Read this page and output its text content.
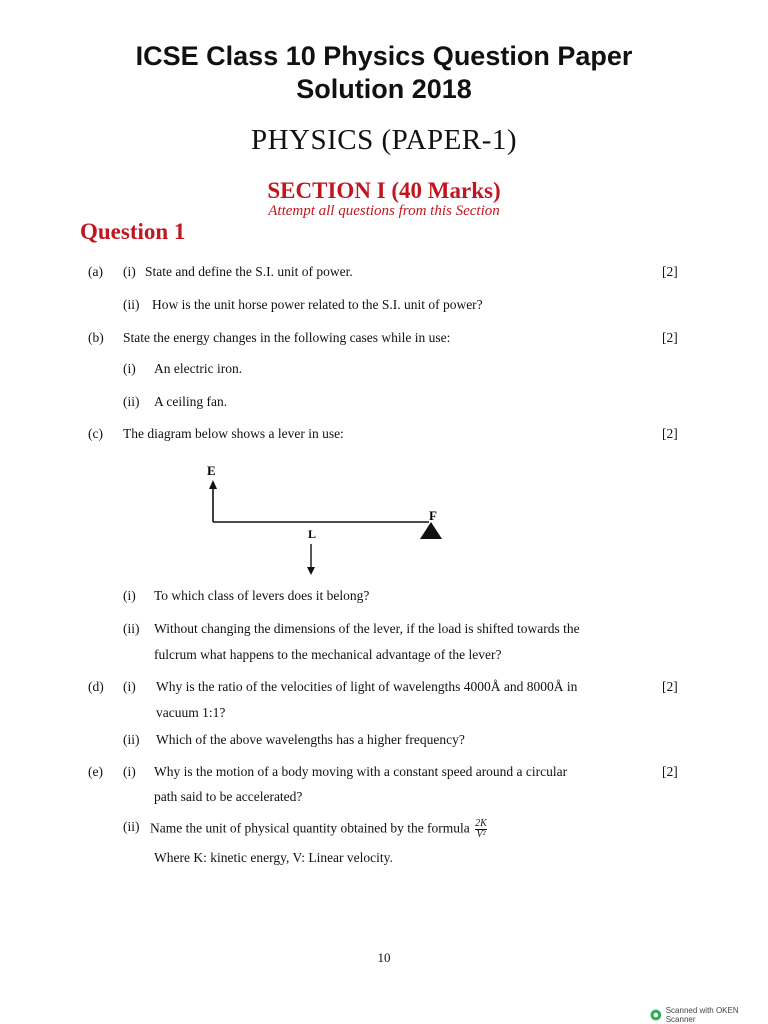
ICSE Class 10 Physics Question Paper
Solution 2018
PHYSICS (PAPER-1)
SECTION I (40 Marks)
Attempt all questions from this Section
Question 1
(a) (i) State and define the S.I. unit of power.	[2]
(ii) How is the unit horse power related to the S.I. unit of power?
(b) State the energy changes in the following cases while in use:	[2]
(i) An electric iron.
(ii) A ceiling fan.
(c) The diagram below shows a lever in use:	[2]
E
L
F
(i) To which class of levers does it belong?
(ii) Without changing the dimensions of the lever, if the load is shifted towards the
fulcrum what happens to the mechanical advantage of the lever?
(d) (i) Why is the ratio of the velocities of light of wavelengths 4000Å and 8000Å in	[2]
vacuum 1:1?
(ii) Which of the above wavelengths has a higher frequency?
(e) (i) Why is the motion of a body moving with a constant speed around a circular	[2]
path said to be accelerated?
(ii) Name the unit of physical quantity obtained by the formula $\frac{2K}{\text{V²}}$
Where K: kinetic energy, V: Linear velocity.
10
Scanned with OKEN Scanner
